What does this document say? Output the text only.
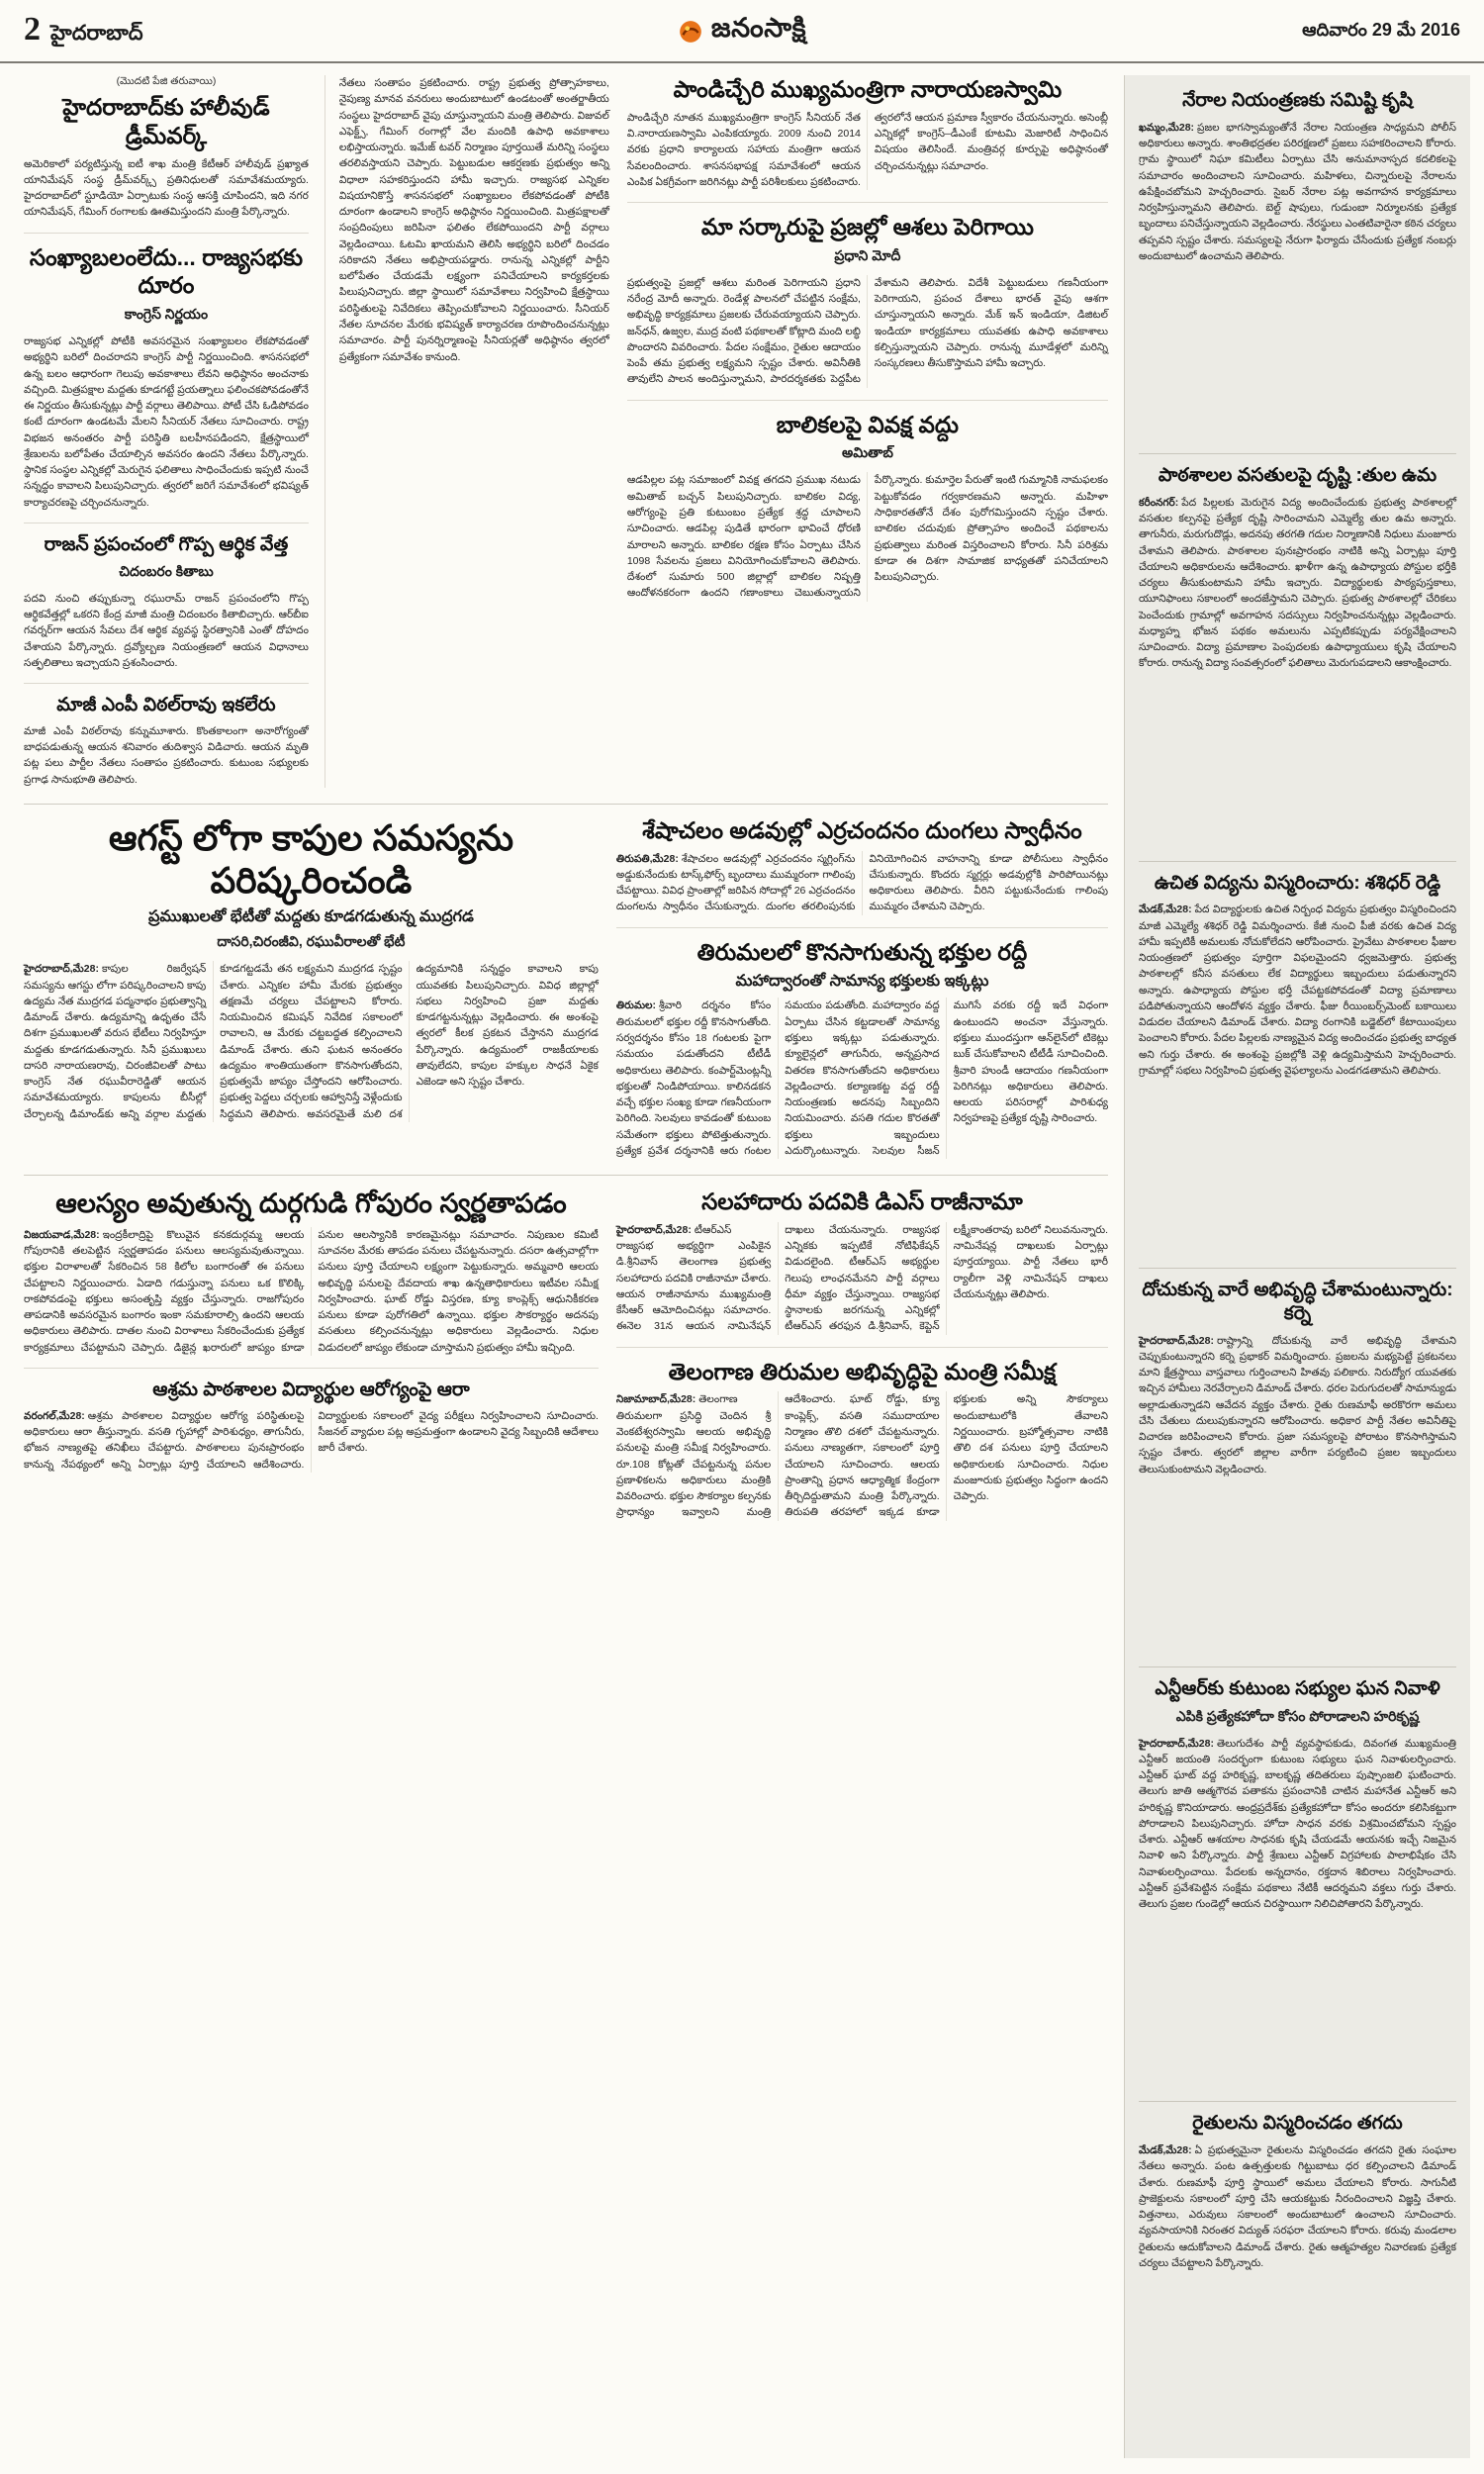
2 హైదరాబాద్	జనంసాక్షి	ఆదివారం 29 మే 2016
(మొదటి పేజి తరువాయి)
హైదరాబాద్‌కు హాలీవుడ్ డ్రీమ్‌వర్క్
అమెరికాలో పర్యటిస్తున్న ఐటీ శాఖ మంత్రి కేటీఆర్ హాలీవుడ్ ప్రఖ్యాత యానిమేషన్ సంస్థ డ్రీమ్‌వర్క్స్ ప్రతినిధులతో సమావేశమయ్యారు. హైదరాబాద్‌లో స్టూడియో ఏర్పాటుకు సంస్థ ఆసక్తి చూపిందని, ఇది నగర యానిమేషన్, గేమింగ్ రంగాలకు ఊతమిస్తుందని మంత్రి పేర్కొన్నారు.
సంఖ్యాబలంలేదు... రాజ్యసభకు దూరం
కాంగ్రెస్ నిర్ణయం
రాజ్యసభ ఎన్నికల్లో పోటీకి అవసరమైన సంఖ్యాబలం లేకపోవడంతో అభ్యర్థిని బరిలో దించరాదని కాంగ్రెస్ పార్టీ నిర్ణయించింది. శాసనసభలో ఉన్న బలం ఆధారంగా గెలుపు అవకాశాలు లేవని అధిష్ఠానం అంచనాకు వచ్చింది. మిత్రపక్షాల మద్దతు కూడగట్టే ప్రయత్నాలు ఫలించకపోవడంతోనే ఈ నిర్ణయం తీసుకున్నట్లు పార్టీ వర్గాలు తెలిపాయి. పోటీ చేసి ఓడిపోవడం కంటే దూరంగా ఉండటమే మేలని సీనియర్ నేతలు సూచించారు. రాష్ట్ర విభజన అనంతరం పార్టీ పరిస్థితి బలహీనపడిందని, క్షేత్రస్థాయిలో శ్రేణులను బలోపేతం చేయాల్సిన అవసరం ఉందని నేతలు పేర్కొన్నారు. స్థానిక సంస్థల ఎన్నికల్లో మెరుగైన ఫలితాలు సాధించేందుకు ఇప్పటి నుంచే సన్నద్ధం కావాలని పిలుపునిచ్చారు. త్వరలో జరిగే సమావేశంలో భవిష్యత్ కార్యాచరణపై చర్చించనున్నారు.
రాజన్ ప్రపంచంలో గొప్ప ఆర్థిక వేత్త
చిదంబరం కితాబు
పదవి నుంచి తప్పుకున్నా రఘురామ్ రాజన్ ప్రపంచంలోని గొప్ప ఆర్థికవేత్తల్లో ఒకరని కేంద్ర మాజీ మంత్రి చిదంబరం కితాబిచ్చారు. ఆర్‌బీఐ గవర్నర్‌గా ఆయన సేవలు దేశ ఆర్థిక వ్యవస్థ స్థిరత్వానికి ఎంతో దోహదం చేశాయని పేర్కొన్నారు. ద్రవ్యోల్బణ నియంత్రణలో ఆయన విధానాలు సత్ఫలితాలు ఇచ్చాయని ప్రశంసించారు.
మాజీ ఎంపీ విఠల్‌రావు ఇకలేరు
మాజీ ఎంపీ విఠల్‌రావు కన్నుమూశారు. కొంతకాలంగా అనారోగ్యంతో బాధపడుతున్న ఆయన శనివారం తుదిశ్వాస విడిచారు. ఆయన మృతి పట్ల పలు పార్టీల నేతలు సంతాపం ప్రకటించారు. కుటుంబ సభ్యులకు ప్రగాఢ సానుభూతి తెలిపారు.
నేతలు సంతాపం ప్రకటించారు. రాష్ట్ర ప్రభుత్వ ప్రోత్సాహకాలు, నైపుణ్య మానవ వనరులు అందుబాటులో ఉండటంతో అంతర్జాతీయ సంస్థలు హైదరాబాద్ వైపు చూస్తున్నాయని మంత్రి తెలిపారు. విజువల్ ఎఫెక్ట్స్, గేమింగ్ రంగాల్లో వేల మందికి ఉపాధి అవకాశాలు లభిస్తాయన్నారు. ఇమేజ్ టవర్ నిర్మాణం పూర్తయితే మరిన్ని సంస్థలు తరలివస్తాయని చెప్పారు. పెట్టుబడుల ఆకర్షణకు ప్రభుత్వం అన్ని విధాలా సహకరిస్తుందని హామీ ఇచ్చారు. రాజ్యసభ ఎన్నికల విషయానికొస్తే శాసనసభలో సంఖ్యాబలం లేకపోవడంతో పోటీకి దూరంగా ఉండాలని కాంగ్రెస్ అధిష్ఠానం నిర్ణయించింది. మిత్రపక్షాలతో సంప్రదింపులు జరిపినా ఫలితం లేకపోయిందని పార్టీ వర్గాలు వెల్లడించాయి. ఓటమి ఖాయమని తెలిసి అభ్యర్థిని బరిలో దించడం సరికాదని నేతలు అభిప్రాయపడ్డారు. రానున్న ఎన్నికల్లో పార్టీని బలోపేతం చేయడమే లక్ష్యంగా పనిచేయాలని కార్యకర్తలకు పిలుపునిచ్చారు. జిల్లా స్థాయిలో సమావేశాలు నిర్వహించి క్షేత్రస్థాయి పరిస్థితులపై నివేదికలు తెప్పించుకోవాలని నిర్ణయించారు. సీనియర్ నేతల సూచనల మేరకు భవిష్యత్ కార్యాచరణ రూపొందించనున్నట్లు సమాచారం. పార్టీ పునర్నిర్మాణంపై సీనియర్లతో అధిష్ఠానం త్వరలో ప్రత్యేకంగా సమావేశం కానుంది.
పాండిచ్చేరి ముఖ్యమంత్రిగా నారాయణస్వామి
పాండిచ్చేరి నూతన ముఖ్యమంత్రిగా కాంగ్రెస్ సీనియర్ నేత వి.నారాయణస్వామి ఎంపికయ్యారు. 2009 నుంచి 2014 వరకు ప్రధాని కార్యాలయ సహాయ మంత్రిగా ఆయన సేవలందించారు. శాసనసభాపక్ష సమావేశంలో ఆయన ఎంపిక ఏకగ్రీవంగా జరిగినట్లు పార్టీ పరిశీలకులు ప్రకటించారు. త్వరలోనే ఆయన ప్రమాణ స్వీకారం చేయనున్నారు. అసెంబ్లీ ఎన్నికల్లో కాంగ్రెస్–డీఎంకే కూటమి మెజారిటీ సాధించిన విషయం తెలిసిందే. మంత్రివర్గ కూర్పుపై అధిష్ఠానంతో చర్చించనున్నట్లు సమాచారం.
మా సర్కారుపై ప్రజల్లో ఆశలు పెరిగాయి
ప్రధాని మోదీ
ప్రభుత్వంపై ప్రజల్లో ఆశలు మరింత పెరిగాయని ప్రధాని నరేంద్ర మోదీ అన్నారు. రెండేళ్ల పాలనలో చేపట్టిన సంక్షేమ, అభివృద్ధి కార్యక్రమాలు ప్రజలకు చేరువయ్యాయని చెప్పారు. జన్‌ధన్, ఉజ్వల, ముద్ర వంటి పథకాలతో కోట్లాది మంది లబ్ధి పొందారని వివరించారు. పేదల సంక్షేమం, రైతుల ఆదాయం పెంపే తమ ప్రభుత్వ లక్ష్యమని స్పష్టం చేశారు. అవినీతికి తావులేని పాలన అందిస్తున్నామని, పారదర్శకతకు పెద్దపీట వేశామని తెలిపారు. విదేశీ పెట్టుబడులు గణనీయంగా పెరిగాయని, ప్రపంచ దేశాలు భారత్ వైపు ఆశగా చూస్తున్నాయని అన్నారు. మేక్ ఇన్ ఇండియా, డిజిటల్ ఇండియా కార్యక్రమాలు యువతకు ఉపాధి అవకాశాలు కల్పిస్తున్నాయని చెప్పారు. రానున్న మూడేళ్లలో మరిన్ని సంస్కరణలు తీసుకొస్తామని హామీ ఇచ్చారు.
బాలికలపై వివక్ష వద్దు
అమితాబ్
ఆడపిల్లల పట్ల సమాజంలో వివక్ష తగదని ప్రముఖ నటుడు అమితాబ్ బచ్చన్ పిలుపునిచ్చారు. బాలికల విద్య, ఆరోగ్యంపై ప్రతి కుటుంబం ప్రత్యేక శ్రద్ధ చూపాలని సూచించారు. ఆడపిల్ల పుడితే భారంగా భావించే ధోరణి మారాలని అన్నారు. బాలికల రక్షణ కోసం ఏర్పాటు చేసిన 1098 సేవలను ప్రజలు వినియోగించుకోవాలని తెలిపారు. దేశంలో సుమారు 500 జిల్లాల్లో బాలికల నిష్పత్తి ఆందోళనకరంగా ఉందని గణాంకాలు చెబుతున్నాయని పేర్కొన్నారు. కుమార్తెల పేరుతో ఇంటి గుమ్మానికి నామఫలకం పెట్టుకోవడం గర్వకారణమని అన్నారు. మహిళా సాధికారతతోనే దేశం పురోగమిస్తుందని స్పష్టం చేశారు. బాలికల చదువుకు ప్రోత్సాహం అందించే పథకాలను ప్రభుత్వాలు మరింత విస్తరించాలని కోరారు. సినీ పరిశ్రమ కూడా ఈ దిశగా సామాజిక బాధ్యతతో పనిచేయాలని పిలుపునిచ్చారు.
ఆగస్ట్ లోగా కాపుల సమస్యను పరిష్కరించండి
ప్రముఖులతో భేటీతో మద్దతు కూడగడుతున్న ముద్రగడ
దాసరి,చిరంజీవి, రఘువీరాలతో భేటీ
హైదరాబాద్,మే28: కాపుల రిజర్వేషన్ సమస్యను ఆగస్టు లోగా పరిష్కరించాలని కాపు ఉద్యమ నేత ముద్రగడ పద్మనాభం ప్రభుత్వాన్ని డిమాండ్ చేశారు. ఉద్యమాన్ని ఉధృతం చేసే దిశగా ప్రముఖులతో వరుస భేటీలు నిర్వహిస్తూ మద్దతు కూడగడుతున్నారు. సినీ ప్రముఖులు దాసరి నారాయణరావు, చిరంజీవిలతో పాటు కాంగ్రెస్ నేత రఘువీరారెడ్డితో ఆయన సమావేశమయ్యారు. కాపులను బీసీల్లో చేర్చాలన్న డిమాండ్‌కు అన్ని వర్గాల మద్దతు కూడగట్టడమే తన లక్ష్యమని ముద్రగడ స్పష్టం చేశారు. ఎన్నికల హామీ మేరకు ప్రభుత్వం తక్షణమే చర్యలు చేపట్టాలని కోరారు. నియమించిన కమిషన్ నివేదిక సకాలంలో రావాలని, ఆ మేరకు చట్టబద్ధత కల్పించాలని డిమాండ్ చేశారు. తుని ఘటన అనంతరం ఉద్యమం శాంతియుతంగా కొనసాగుతోందని, ప్రభుత్వమే జాప్యం చేస్తోందని ఆరోపించారు. ప్రభుత్వ పెద్దలు చర్చలకు ఆహ్వానిస్తే వెళ్లేందుకు సిద్ధమని తెలిపారు. అవసరమైతే మలి దశ ఉద్యమానికి సన్నద్ధం కావాలని కాపు యువతకు పిలుపునిచ్చారు. వివిధ జిల్లాల్లో సభలు నిర్వహించి ప్రజా మద్దతు కూడగట్టనున్నట్లు వెల్లడించారు. ఈ అంశంపై త్వరలో కీలక ప్రకటన చేస్తానని ముద్రగడ పేర్కొన్నారు. ఉద్యమంలో రాజకీయాలకు తావులేదని, కాపుల హక్కుల సాధనే ఏకైక ఎజెండా అని స్పష్టం చేశారు.
శేషాచలం అడవుల్లో ఎర్రచందనం దుంగలు స్వాధీనం
తిరుపతి,మే28: శేషాచలం అడవుల్లో ఎర్రచందనం స్మగ్లింగ్‌ను అడ్డుకునేందుకు టాస్క్‌ఫోర్స్ బృందాలు ముమ్మరంగా గాలింపు చేపట్టాయి. వివిధ ప్రాంతాల్లో జరిపిన సోదాల్లో 26 ఎర్రచందనం దుంగలను స్వాధీనం చేసుకున్నారు. దుంగల తరలింపునకు వినియోగించిన వాహనాన్ని కూడా పోలీసులు స్వాధీనం చేసుకున్నారు. కొందరు స్మగ్లర్లు అడవుల్లోకి పారిపోయినట్లు అధికారులు తెలిపారు. వీరిని పట్టుకునేందుకు గాలింపు ముమ్మరం చేశామని చెప్పారు.
తిరుమలలో కొనసాగుతున్న భక్తుల రద్దీ
మహాద్వారంతో సామాన్య భక్తులకు ఇక్కట్లు
తిరుమల: శ్రీవారి దర్శనం కోసం తిరుమలలో భక్తుల రద్దీ కొనసాగుతోంది. సర్వదర్శనం కోసం 18 గంటలకు పైగా సమయం పడుతోందని టీటీడీ అధికారులు తెలిపారు. కంపార్ట్‌మెంట్లన్నీ భక్తులతో నిండిపోయాయి. కాలినడకన వచ్చే భక్తుల సంఖ్య కూడా గణనీయంగా పెరిగింది. సెలవులు కావడంతో కుటుంబ సమేతంగా భక్తులు పోటెత్తుతున్నారు. ప్రత్యేక ప్రవేశ దర్శనానికి ఆరు గంటల సమయం పడుతోంది. మహాద్వారం వద్ద ఏర్పాటు చేసిన కట్టడాలతో సామాన్య భక్తులు ఇక్కట్లు పడుతున్నారు. క్యూలైన్లలో తాగునీరు, అన్నప్రసాద వితరణ కొనసాగుతోందని అధికారులు వెల్లడించారు. కల్యాణకట్ట వద్ద రద్దీ నియంత్రణకు అదనపు సిబ్బందిని నియమించారు. వసతి గదుల కొరతతో భక్తులు ఇబ్బందులు ఎదుర్కొంటున్నారు. సెలవుల సీజన్ ముగిసే వరకు రద్దీ ఇదే విధంగా ఉంటుందని అంచనా వేస్తున్నారు. భక్తులు ముందస్తుగా ఆన్‌లైన్‌లో టికెట్లు బుక్ చేసుకోవాలని టీటీడీ సూచించింది. శ్రీవారి హుండీ ఆదాయం గణనీయంగా పెరిగినట్లు అధికారులు తెలిపారు. ఆలయ పరిసరాల్లో పారిశుధ్య నిర్వహణపై ప్రత్యేక దృష్టి సారించారు.
ఆలస్యం అవుతున్న దుర్గగుడి గోపురం స్వర్ణతాపడం
విజయవాడ,మే28: ఇంద్రకీలాద్రిపై కొలువైన కనకదుర్గమ్మ ఆలయ గోపురానికి తలపెట్టిన స్వర్ణతాపడం పనులు ఆలస్యమవుతున్నాయి. భక్తుల విరాళాలతో సేకరించిన 58 కిలోల బంగారంతో ఈ పనులు చేపట్టాలని నిర్ణయించారు. ఏడాది గడుస్తున్నా పనులు ఒక కొలిక్కి రాకపోవడంపై భక్తులు అసంతృప్తి వ్యక్తం చేస్తున్నారు. రాజగోపురం తాపడానికి అవసరమైన బంగారం ఇంకా సమకూరాల్సి ఉందని ఆలయ అధికారులు తెలిపారు. దాతల నుంచి విరాళాలు సేకరించేందుకు ప్రత్యేక కార్యక్రమాలు చేపట్టామని చెప్పారు. డిజైన్ల ఖరారులో జాప్యం కూడా పనుల ఆలస్యానికి కారణమైనట్లు సమాచారం. నిపుణుల కమిటీ సూచనల మేరకు తాపడం పనులు చేపట్టనున్నారు. దసరా ఉత్సవాల్లోగా పనులు పూర్తి చేయాలని లక్ష్యంగా పెట్టుకున్నారు. అమ్మవారి ఆలయ అభివృద్ధి పనులపై దేవదాయ శాఖ ఉన్నతాధికారులు ఇటీవల సమీక్ష నిర్వహించారు. ఘాట్ రోడ్డు విస్తరణ, క్యూ కాంప్లెక్స్ ఆధునికీకరణ పనులు కూడా పురోగతిలో ఉన్నాయి. భక్తుల సౌకర్యార్థం అదనపు వసతులు కల్పించనున్నట్లు అధికారులు వెల్లడించారు. నిధుల విడుదలలో జాప్యం లేకుండా చూస్తామని ప్రభుత్వం హామీ ఇచ్చింది.
ఆశ్రమ పాఠశాలల విద్యార్థుల ఆరోగ్యంపై ఆరా
వరంగల్,మే28: ఆశ్రమ పాఠశాలల విద్యార్థుల ఆరోగ్య పరిస్థితులపై అధికారులు ఆరా తీస్తున్నారు. వసతి గృహాల్లో పారిశుధ్యం, తాగునీరు, భోజన నాణ్యతపై తనిఖీలు చేపట్టారు. పాఠశాలలు పునఃప్రారంభం కానున్న నేపథ్యంలో అన్ని ఏర్పాట్లు పూర్తి చేయాలని ఆదేశించారు. విద్యార్థులకు సకాలంలో వైద్య పరీక్షలు నిర్వహించాలని సూచించారు. సీజనల్ వ్యాధుల పట్ల అప్రమత్తంగా ఉండాలని వైద్య సిబ్బందికి ఆదేశాలు జారీ చేశారు.
సలహాదారు పదవికి డిఎస్ రాజీనామా
హైదరాబాద్,మే28: టీఆర్ఎస్ రాజ్యసభ అభ్యర్థిగా ఎంపికైన డి.శ్రీనివాస్ తెలంగాణ ప్రభుత్వ సలహాదారు పదవికి రాజీనామా చేశారు. ఆయన రాజీనామాను ముఖ్యమంత్రి కేసీఆర్ ఆమోదించినట్లు సమాచారం. ఈనెల 31న ఆయన నామినేషన్ దాఖలు చేయనున్నారు. రాజ్యసభ ఎన్నికకు ఇప్పటికే నోటిఫికేషన్ విడుదలైంది. టీఆర్ఎస్ అభ్యర్థుల గెలుపు లాంఛనమేనని పార్టీ వర్గాలు ధీమా వ్యక్తం చేస్తున్నాయి. రాజ్యసభ స్థానాలకు జరగనున్న ఎన్నికల్లో టీఆర్ఎస్ తరఫున డి.శ్రీనివాస్, కెప్టెన్ లక్ష్మీకాంతరావు బరిలో నిలువనున్నారు. నామినేషన్ల దాఖలుకు ఏర్పాట్లు పూర్తయ్యాయి. పార్టీ నేతలు భారీ ర్యాలీగా వెళ్లి నామినేషన్ దాఖలు చేయనున్నట్లు తెలిపారు.
తెలంగాణ తిరుమల అభివృద్ధిపై మంత్రి సమీక్ష
నిజామాబాద్,మే28: తెలంగాణ తిరుమలగా ప్రసిద్ధి చెందిన శ్రీ వెంకటేశ్వరస్వామి ఆలయ అభివృద్ధి పనులపై మంత్రి సమీక్ష నిర్వహించారు. రూ.108 కోట్లతో చేపట్టనున్న పనుల ప్రణాళికలను అధికారులు మంత్రికి వివరించారు. భక్తుల సౌకర్యాల కల్పనకు ప్రాధాన్యం ఇవ్వాలని మంత్రి ఆదేశించారు. ఘాట్ రోడ్డు, క్యూ కాంప్లెక్స్, వసతి సముదాయాల నిర్మాణం తొలి దశలో చేపట్టనున్నారు. పనులు నాణ్యతగా, సకాలంలో పూర్తి చేయాలని సూచించారు. ఆలయ ప్రాంతాన్ని ప్రధాన ఆధ్యాత్మిక కేంద్రంగా తీర్చిదిద్దుతామని మంత్రి పేర్కొన్నారు. తిరుపతి తరహాలో ఇక్కడ కూడా భక్తులకు అన్ని సౌకర్యాలు అందుబాటులోకి తేవాలని నిర్ణయించారు. బ్రహ్మోత్సవాల నాటికి తొలి దశ పనులు పూర్తి చేయాలని అధికారులకు సూచించారు. నిధుల మంజూరుకు ప్రభుత్వం సిద్ధంగా ఉందని చెప్పారు.
నేరాల నియంత్రణకు సమిష్టి కృషి
ఖమ్మం,మే28: ప్రజల భాగస్వామ్యంతోనే నేరాల నియంత్రణ సాధ్యమని పోలీస్ అధికారులు అన్నారు. శాంతిభద్రతల పరిరక్షణలో ప్రజలు సహకరించాలని కోరారు. గ్రామ స్థాయిలో నిఘా కమిటీలు ఏర్పాటు చేసి అనుమానాస్పద కదలికలపై సమాచారం అందించాలని సూచించారు. మహిళలు, చిన్నారులపై నేరాలను ఉపేక్షించబోమని హెచ్చరించారు. సైబర్ నేరాల పట్ల అవగాహన కార్యక్రమాలు నిర్వహిస్తున్నామని తెలిపారు. బెల్ట్ షాపులు, గుడుంబా నిర్మూలనకు ప్రత్యేక బృందాలు పనిచేస్తున్నాయని వెల్లడించారు. నేరస్థులు ఎంతటివారైనా కఠిన చర్యలు తప్పవని స్పష్టం చేశారు. సమస్యలపై నేరుగా ఫిర్యాదు చేసేందుకు ప్రత్యేక నంబర్లు అందుబాటులో ఉంచామని తెలిపారు.
పాఠశాలల వసతులపై దృష్టి :తుల ఉమ
కరీంనగర్: పేద పిల్లలకు మెరుగైన విద్య అందించేందుకు ప్రభుత్వ పాఠశాలల్లో వసతుల కల్పనపై ప్రత్యేక దృష్టి సారించామని ఎమ్మెల్యే తుల ఉమ అన్నారు. తాగునీరు, మరుగుదొడ్లు, అదనపు తరగతి గదుల నిర్మాణానికి నిధులు మంజూరు చేశామని తెలిపారు. పాఠశాలల పునఃప్రారంభం నాటికి అన్ని ఏర్పాట్లు పూర్తి చేయాలని అధికారులను ఆదేశించారు. ఖాళీగా ఉన్న ఉపాధ్యాయ పోస్టుల భర్తీకి చర్యలు తీసుకుంటామని హామీ ఇచ్చారు. విద్యార్థులకు పాఠ్యపుస్తకాలు, యూనిఫాంలు సకాలంలో అందజేస్తామని చెప్పారు. ప్రభుత్వ పాఠశాలల్లో చేరికలు పెంచేందుకు గ్రామాల్లో అవగాహన సదస్సులు నిర్వహించనున్నట్లు వెల్లడించారు. మధ్యాహ్న భోజన పథకం అమలును ఎప్పటికప్పుడు పర్యవేక్షించాలని సూచించారు. విద్యా ప్రమాణాల పెంపుదలకు ఉపాధ్యాయులు కృషి చేయాలని కోరారు. రానున్న విద్యా సంవత్సరంలో ఫలితాలు మెరుగుపడాలని ఆకాంక్షించారు.
ఉచిత విద్యను విస్మరించారు: శశిధర్ రెడ్డి
మేడక్,మే28: పేద విద్యార్థులకు ఉచిత నిర్బంధ విద్యను ప్రభుత్వం విస్మరించిందని మాజీ ఎమ్మెల్యే శశిధర్ రెడ్డి విమర్శించారు. కేజీ నుంచి పీజీ వరకు ఉచిత విద్య హామీ ఇప్పటికీ అమలుకు నోచుకోలేదని ఆరోపించారు. ప్రైవేటు పాఠశాలల ఫీజుల నియంత్రణలో ప్రభుత్వం పూర్తిగా విఫలమైందని ధ్వజమెత్తారు. ప్రభుత్వ పాఠశాలల్లో కనీస వసతులు లేక విద్యార్థులు ఇబ్బందులు పడుతున్నారని అన్నారు. ఉపాధ్యాయ పోస్టుల భర్తీ చేపట్టకపోవడంతో విద్యా ప్రమాణాలు పడిపోతున్నాయని ఆందోళన వ్యక్తం చేశారు. ఫీజు రీయింబర్స్‌మెంట్ బకాయిలు విడుదల చేయాలని డిమాండ్ చేశారు. విద్యా రంగానికి బడ్జెట్‌లో కేటాయింపులు పెంచాలని కోరారు. పేదల పిల్లలకు నాణ్యమైన విద్య అందించడం ప్రభుత్వ బాధ్యత అని గుర్తు చేశారు. ఈ అంశంపై ప్రజల్లోకి వెళ్లి ఉద్యమిస్తామని హెచ్చరించారు. గ్రామాల్లో సభలు నిర్వహించి ప్రభుత్వ వైఫల్యాలను ఎండగడతామని తెలిపారు.
దోచుకున్న వారే అభివృద్ధి చేశామంటున్నారు: కర్నె
హైదరాబాద్,మే28: రాష్ట్రాన్ని దోచుకున్న వారే అభివృద్ధి చేశామని చెప్పుకుంటున్నారని కర్నె ప్రభాకర్ విమర్శించారు. ప్రజలను మభ్యపెట్టే ప్రకటనలు మాని క్షేత్రస్థాయి వాస్తవాలు గుర్తించాలని హితవు పలికారు. నిరుద్యోగ యువతకు ఇచ్చిన హామీలు నెరవేర్చాలని డిమాండ్ చేశారు. ధరల పెరుగుదలతో సామాన్యుడు అల్లాడుతున్నాడని ఆవేదన వ్యక్తం చేశారు. రైతు రుణమాఫీ అరకొరగా అమలు చేసి చేతులు దులుపుకున్నారని ఆరోపించారు. అధికార పార్టీ నేతల అవినీతిపై విచారణ జరిపించాలని కోరారు. ప్రజా సమస్యలపై పోరాటం కొనసాగిస్తామని స్పష్టం చేశారు. త్వరలో జిల్లాల వారీగా పర్యటించి ప్రజల ఇబ్బందులు తెలుసుకుంటామని వెల్లడించారు.
ఎన్టీఆర్‌కు కుటుంబ సభ్యుల ఘన నివాళి
ఎపికి ప్రత్యేకహోదా కోసం పోరాడాలని హరికృష్ణ
హైదరాబాద్,మే28: తెలుగుదేశం పార్టీ వ్యవస్థాపకుడు, దివంగత ముఖ్యమంత్రి ఎన్టీఆర్ జయంతి సందర్భంగా కుటుంబ సభ్యులు ఘన నివాళులర్పించారు. ఎన్టీఆర్ ఘాట్ వద్ద హరికృష్ణ, బాలకృష్ణ తదితరులు పుష్పాంజలి ఘటించారు. తెలుగు జాతి ఆత్మగౌరవ పతాకను ప్రపంచానికి చాటిన మహానేత ఎన్టీఆర్ అని హరికృష్ణ కొనియాడారు. ఆంధ్రప్రదేశ్‌కు ప్రత్యేకహోదా కోసం అందరూ కలిసికట్టుగా పోరాడాలని పిలుపునిచ్చారు. హోదా సాధన వరకు విశ్రమించబోమని స్పష్టం చేశారు. ఎన్టీఆర్ ఆశయాల సాధనకు కృషి చేయడమే ఆయనకు ఇచ్చే నిజమైన నివాళి అని పేర్కొన్నారు. పార్టీ శ్రేణులు ఎన్టీఆర్ విగ్రహాలకు పాలాభిషేకం చేసి నివాళులర్పించాయి. పేదలకు అన్నదానం, రక్తదాన శిబిరాలు నిర్వహించారు. ఎన్టీఆర్ ప్రవేశపెట్టిన సంక్షేమ పథకాలు నేటికీ ఆదర్శమని వక్తలు గుర్తు చేశారు. తెలుగు ప్రజల గుండెల్లో ఆయన చిరస్థాయిగా నిలిచిపోతారని పేర్కొన్నారు.
రైతులను విస్మరించడం తగదు
మేడక్,మే28: ఏ ప్రభుత్వమైనా రైతులను విస్మరించడం తగదని రైతు సంఘాల నేతలు అన్నారు. పంట ఉత్పత్తులకు గిట్టుబాటు ధర కల్పించాలని డిమాండ్ చేశారు. రుణమాఫీ పూర్తి స్థాయిలో అమలు చేయాలని కోరారు. సాగునీటి ప్రాజెక్టులను సకాలంలో పూర్తి చేసి ఆయకట్టుకు నీరందించాలని విజ్ఞప్తి చేశారు. విత్తనాలు, ఎరువులు సకాలంలో అందుబాటులో ఉంచాలని సూచించారు. వ్యవసాయానికి నిరంతర విద్యుత్ సరఫరా చేయాలని కోరారు. కరువు మండలాల రైతులను ఆదుకోవాలని డిమాండ్ చేశారు. రైతు ఆత్మహత్యల నివారణకు ప్రత్యేక చర్యలు చేపట్టాలని పేర్కొన్నారు.
